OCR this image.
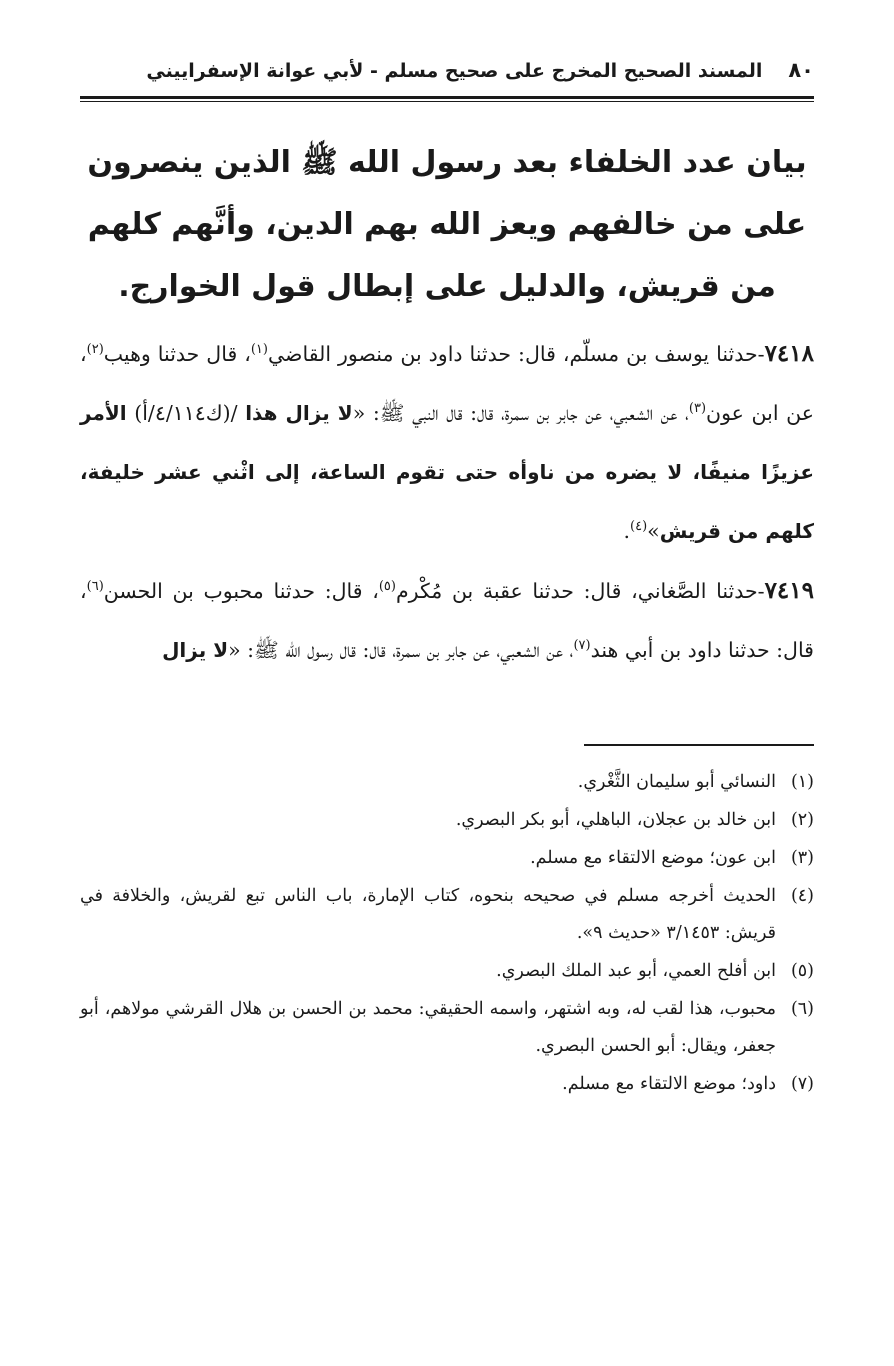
٨٠
المسند الصحيح المخرج على صحيح مسلم - لأبي عوانة الإسفراييني
بيان عدد الخلفاء بعد رسول الله ﷺ الذين ينصرون على من خالفهم ويعز الله بهم الدين، وأنَّهم كلهم من قريش، والدليل على إبطال قول الخوارج.

٧٤١٨-حدثنا يوسف بن مسلّم، قال: حدثنا داود بن منصور القاضي$^{(١)}$، قال حدثنا وهيب$^{(٢)}$، عن ابن عون$^{(٣)}$، عن الشعبي، عن جابر بن سمرة، قال: قال النبي ﷺ: «لا يزال هذا /(ك٤/١١٤/أ) الأمر عزيزًا منيفًا، لا يضره من ناوأه حتى تقوم الساعة، إلى اثْني عشر خليفة، كلهم من قريش»$^{(٤)}$.

٧٤١٩-حدثنا الصَّغاني، قال: حدثنا عقبة بن مُكْرم$^{(٥)}$، قال: حدثنا محبوب بن الحسن$^{(٦)}$، قال: حدثنا داود بن أبي هند$^{(٧)}$، عن الشعبي، عن جابر بن سمرة، قال: قال رسول الله ﷺ: «لا يزال

(١)
النسائي أبو سليمان الثَّغْري.
(٢)
ابن خالد بن عجلان، الباهلي، أبو بكر البصري.
(٣)
ابن عون؛ موضع الالتقاء مع مسلم.
(٤)
الحديث أخرجه مسلم في صحيحه بنحوه، كتاب الإمارة، باب الناس تبع لقريش، والخلافة في قريش: ٣/١٤٥٣ «حديث ٩».
(٥)
ابن أفلح العمي، أبو عبد الملك البصري.
(٦)
محبوب، هذا لقب له، وبه اشتهر، واسمه الحقيقي: محمد بن الحسن بن هلال القرشي مولاهم، أبو جعفر، ويقال: أبو الحسن البصري.
(٧)
داود؛ موضع الالتقاء مع مسلم.
